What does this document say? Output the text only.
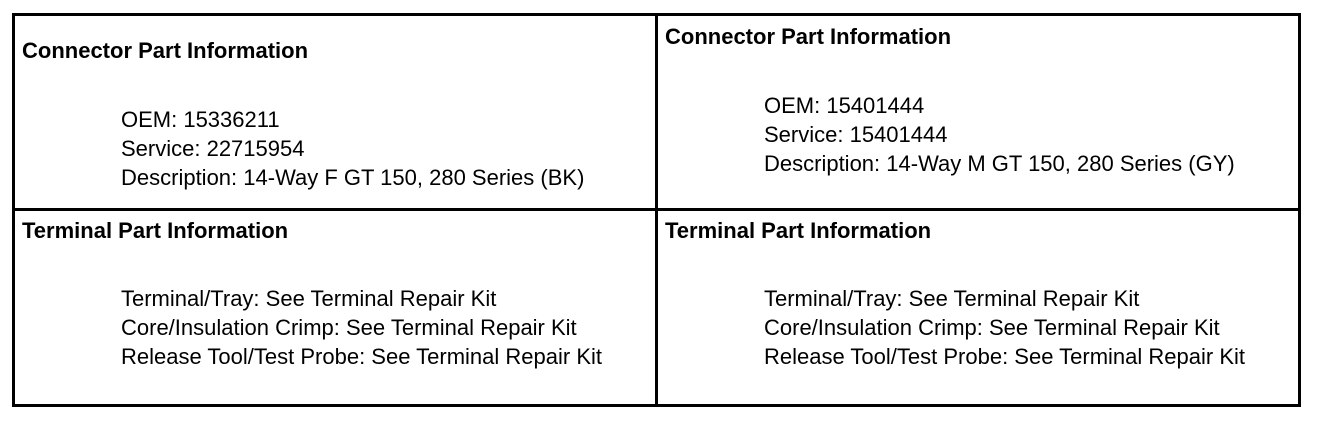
Connector Part Information
OEM: 15336211
Service: 22715954
Description: 14-Way F GT 150, 280 Series (BK)
Connector Part Information
OEM: 15401444
Service: 15401444
Description: 14-Way M GT 150, 280 Series (GY)
Terminal Part Information
Terminal/Tray: See Terminal Repair Kit
Core/Insulation Crimp: See Terminal Repair Kit
Release Tool/Test Probe: See Terminal Repair Kit
Terminal Part Information
Terminal/Tray: See Terminal Repair Kit
Core/Insulation Crimp: See Terminal Repair Kit
Release Tool/Test Probe: See Terminal Repair Kit
